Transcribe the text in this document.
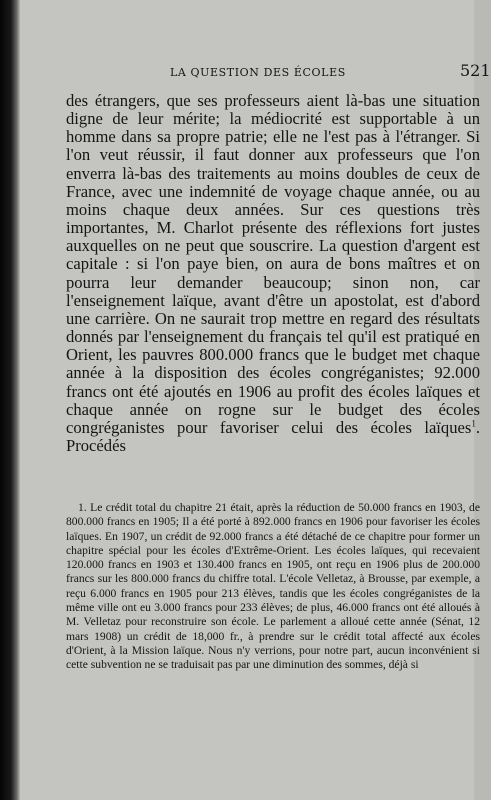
LA QUESTION DES ÉCOLES	521

des étrangers, que ses professeurs aient là-bas une situation digne de leur mérite; la médiocrité est supportable à un homme dans sa propre patrie; elle ne l'est pas à l'étranger. Si l'on veut réussir, il faut donner aux professeurs que l'on enverra là-bas des traitements au moins doubles de ceux de France, avec une indemnité de voyage chaque année, ou au moins chaque deux années. Sur ces questions très importantes, M. Charlot présente des réflexions fort justes auxquelles on ne peut que souscrire. La question d'argent est capitale : si l'on paye bien, on aura de bons maîtres et on pourra leur demander beaucoup; sinon non, car l'enseignement laïque, avant d'être un apostolat, est d'abord une carrière. On ne saurait trop mettre en regard des résultats donnés par l'enseignement du français tel qu'il est pratiqué en Orient, les pauvres 800.000 francs que le budget met chaque année à la disposition des écoles congréganistes; 92.000 francs ont été ajoutés en 1906 au profit des écoles laïques et chaque année on rogne sur le budget des écoles congréganistes pour favoriser celui des écoles laïques$^1$. Procédés

1. Le crédit total du chapitre 21 était, après la réduction de 50.000 francs en 1903, de 800.000 francs en 1905; Il a été porté à 892.000 francs en 1906 pour favoriser les écoles laïques. En 1907, un crédit de 92.000 francs a été détaché de ce chapitre pour former un chapitre spécial pour les écoles d'Extrême-Orient. Les écoles laïques, qui recevaient 120.000 francs en 1903 et 130.400 francs en 1905, ont reçu en 1906 plus de 200.000 francs sur les 800.000 francs du chiffre total. L'école Velletaz, à Brousse, par exemple, a reçu 6.000 francs en 1905 pour 213 élèves, tandis que les écoles congréganistes de la même ville ont eu 3.000 francs pour 233 élèves; de plus, 46.000 francs ont été alloués à M. Velletaz pour reconstruire son école. Le parlement a alloué cette année (Sénat, 12 mars 1908) un crédit de 18,000 fr., à prendre sur le crédit total affecté aux écoles d'Orient, à la Mission laïque. Nous n'y verrions, pour notre part, aucun inconvénient si cette subvention ne se traduisait pas par une diminution des sommes, déjà si
